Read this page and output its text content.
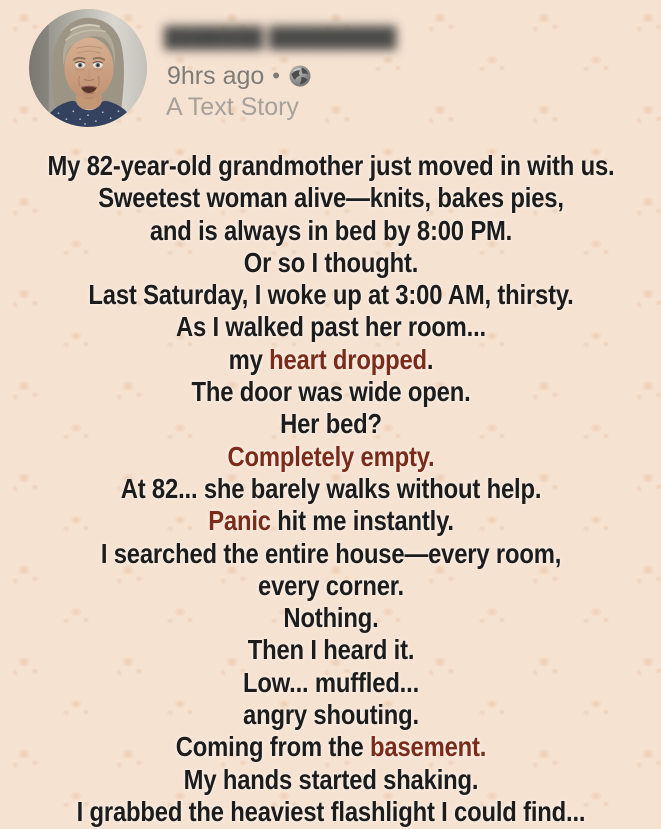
███████ █████████
9hrs ago •
A Text Story
My 82-year-old grandmother just moved in with us.
Sweetest woman alive—knits, bakes pies,
and is always in bed by 8:00 PM.
Or so I thought.
Last Saturday, I woke up at 3:00 AM, thirsty.
As I walked past her room...
my heart dropped.
The door was wide open.
Her bed?
Completely empty.
At 82... she barely walks without help.
Panic hit me instantly.
I searched the entire house—every room,
every corner.
Nothing.
Then I heard it.
Low... muffled...
angry shouting.
Coming from the basement.
My hands started shaking.
I grabbed the heaviest flashlight I could find...
